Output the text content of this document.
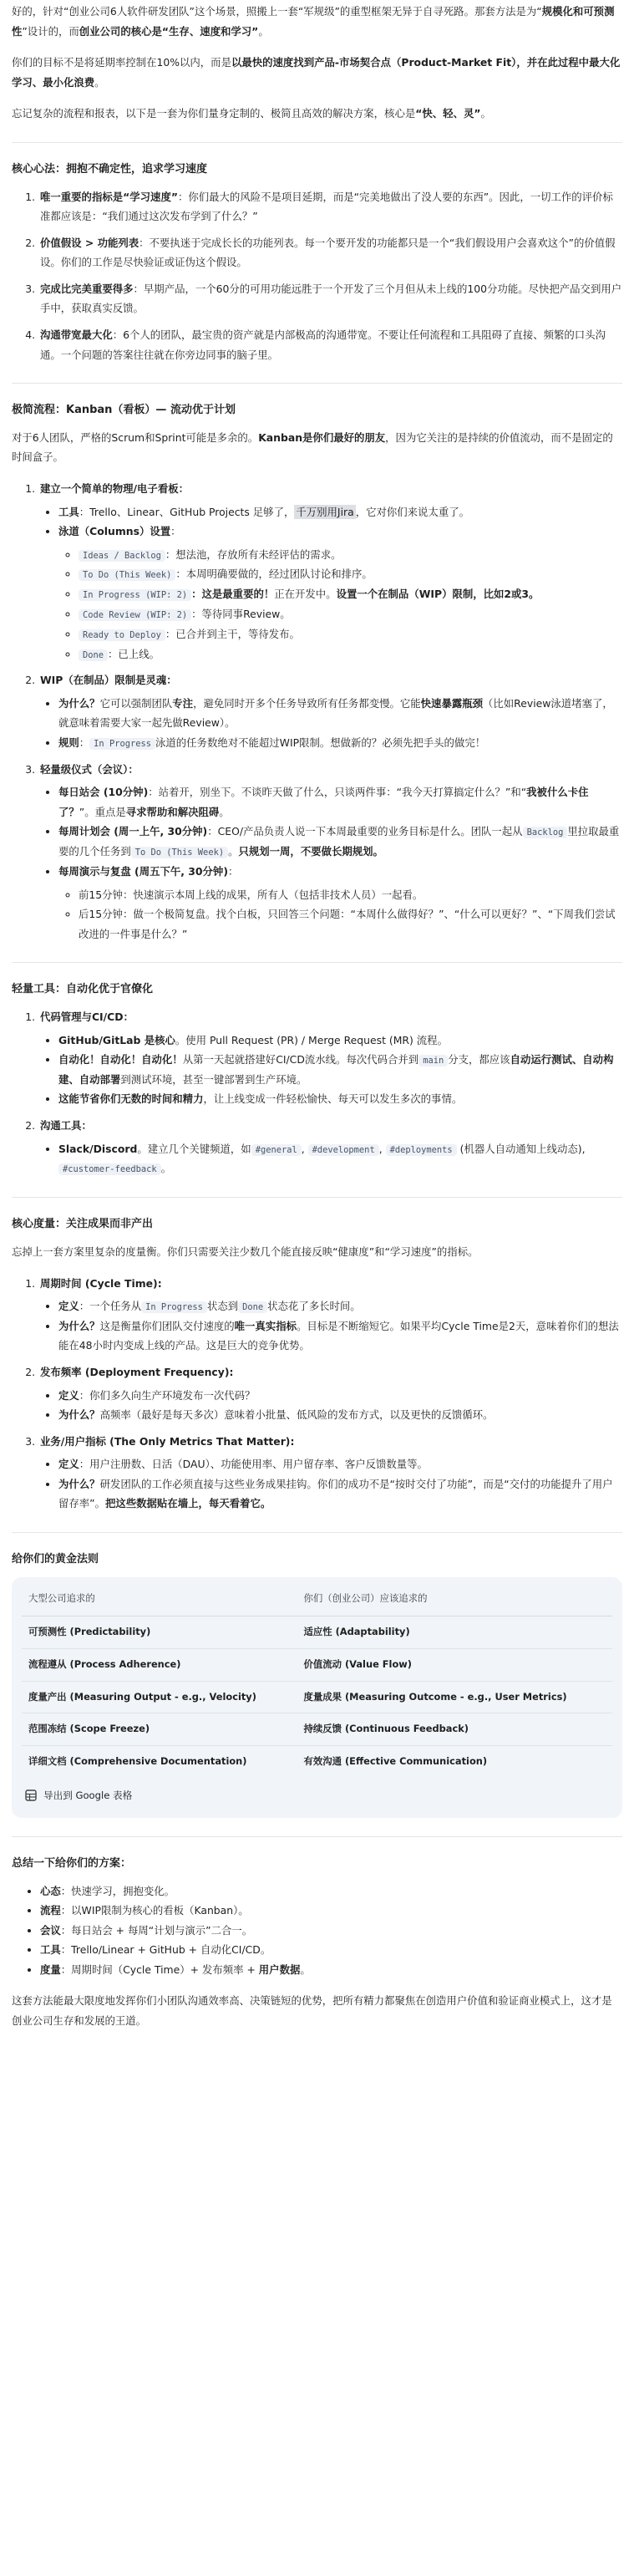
好的，针对“创业公司6人软件研发团队”这个场景，照搬上一套“军规级”的重型框架无异于自寻死路。那套方法是为“规模化和可预测性”设计的，而创业公司的核心是“生存、速度和学习”。

你们的目标不是将延期率控制在10%以内，而是以最快的速度找到产品-市场契合点（Product-Market Fit），并在此过程中最大化学习、最小化浪费。

忘记复杂的流程和报表，以下是一套为你们量身定制的、极简且高效的解决方案，核心是“快、轻、灵”。

核心心法：拥抱不确定性，追求学习速度
1. 唯一重要的指标是“学习速度”：你们最大的风险不是项目延期，而是“完美地做出了没人要的东西”。因此，一切工作的评价标准都应该是：“我们通过这次发布学到了什么？”
2. 价值假设 > 功能列表：不要执迷于完成长长的功能列表。每一个要开发的功能都只是一个“我们假设用户会喜欢这个”的价值假设。你们的工作是尽快验证或证伪这个假设。
3. 完成比完美重要得多：早期产品，一个60分的可用功能远胜于一个开发了三个月但从未上线的100分功能。尽快把产品交到用户手中，获取真实反馈。
4. 沟通带宽最大化：6个人的团队，最宝贵的资产就是内部极高的沟通带宽。不要让任何流程和工具阻碍了直接、频繁的口头沟通。一个问题的答案往往就在你旁边同事的脑子里。
极简流程：Kanban（看板）— 流动优于计划

对于6人团队，严格的Scrum和Sprint可能是多余的。Kanban是你们最好的朋友，因为它关注的是持续的价值流动，而不是固定的时间盒子。

1. 建立一个简单的物理/电子看板：
• 工具：Trello、Linear、GitHub Projects 足够了， 千万别用Jira ，它对你们来说太重了。
• 泳道（Columns）设置：
◦ Ideas / Backlog ：想法池，存放所有未经评估的需求。
◦ To Do (This Week) ：本周明确要做的，经过团队讨论和排序。
◦ In Progress (WIP: 2) ：这是最重要的！正在开发中。设置一个在制品（WIP）限制，比如2或3。
◦ Code Review (WIP: 2) ：等待同事Review。
◦ Ready to Deploy ：已合并到主干，等待发布。
◦ Done ：已上线。
2. WIP（在制品）限制是灵魂：
• 为什么？它可以强制团队专注，避免同时开多个任务导致所有任务都变慢。它能快速暴露瓶颈（比如Review泳道堵塞了，就意味着需要大家一起先做Review）。
• 规则： In Progress 泳道的任务数绝对不能超过WIP限制。想做新的？必须先把手头的做完！
3. 轻量级仪式（会议）：
• 每日站会 (10分钟)：站着开，别坐下。不谈昨天做了什么，只谈两件事：“我今天打算搞定什么？”和“我被什么卡住了？”。重点是寻求帮助和解决阻碍。
• 每周计划会 (周一上午, 30分钟)：CEO/产品负责人说一下本周最重要的业务目标是什么。团队一起从 Backlog 里拉取最重要的几个任务到 To Do (This Week) 。只规划一周，不要做长期规划。
• 每周演示与复盘 (周五下午, 30分钟)：
◦ 前15分钟：快速演示本周上线的成果，所有人（包括非技术人员）一起看。
◦ 后15分钟：做一个极简复盘。找个白板，只回答三个问题：“本周什么做得好？”、“什么可以更好？”、“下周我们尝试改进的一件事是什么？”
轻量工具：自动化优于官僚化
1. 代码管理与CI/CD：
• GitHub/GitLab 是核心。使用 Pull Request (PR) / Merge Request (MR) 流程。
• 自动化！自动化！自动化！从第一天起就搭建好CI/CD流水线。每次代码合并到 main 分支，都应该自动运行测试、自动构建、自动部署到测试环境，甚至一键部署到生产环境。
• 这能节省你们无数的时间和精力，让上线变成一件轻松愉快、每天可以发生多次的事情。
2. 沟通工具：
• Slack/Discord。建立几个关键频道，如 #general , #development , #deployments (机器人自动通知上线动态), #customer-feedback 。
核心度量：关注成果而非产出

忘掉上一套方案里复杂的度量衡。你们只需要关注少数几个能直接反映“健康度”和“学习速度”的指标。

1. 周期时间 (Cycle Time):
• 定义：一个任务从 In Progress 状态到 Done 状态花了多长时间。
• 为什么？这是衡量你们团队交付速度的唯一真实指标。目标是不断缩短它。如果平均Cycle Time是2天，意味着你们的想法能在48小时内变成上线的产品。这是巨大的竞争优势。
2. 发布频率 (Deployment Frequency):
• 定义：你们多久向生产环境发布一次代码？
• 为什么？高频率（最好是每天多次）意味着小批量、低风险的发布方式，以及更快的反馈循环。
3. 业务/用户指标 (The Only Metrics That Matter):
• 定义：用户注册数、日活（DAU）、功能使用率、用户留存率、客户反馈数量等。
• 为什么？研发团队的工作必须直接与这些业务成果挂钩。你们的成功不是“按时交付了功能”，而是“交付的功能提升了用户留存率”。把这些数据贴在墙上，每天看着它。
给你们的黄金法则
大型公司追求的	你们（创业公司）应该追求的
可预测性 (Predictability)	适应性 (Adaptability)
流程遵从 (Process Adherence)	价值流动 (Value Flow)
度量产出 (Measuring Output - e.g., Velocity)	度量成果 (Measuring Outcome - e.g., User Metrics)
范围冻结 (Scope Freeze)	持续反馈 (Continuous Feedback)
详细文档 (Comprehensive Documentation)	有效沟通 (Effective Communication)
导出到 Google 表格
总结一下给你们的方案：
• 心态：快速学习，拥抱变化。
• 流程：以WIP限制为核心的看板（Kanban）。
• 会议：每日站会 + 每周“计划与演示”二合一。
• 工具：Trello/Linear + GitHub + 自动化CI/CD。
• 度量：周期时间（Cycle Time）+ 发布频率 + 用户数据。

这套方法能最大限度地发挥你们小团队沟通效率高、决策链短的优势，把所有精力都聚焦在创造用户价值和验证商业模式上，这才是创业公司生存和发展的王道。
